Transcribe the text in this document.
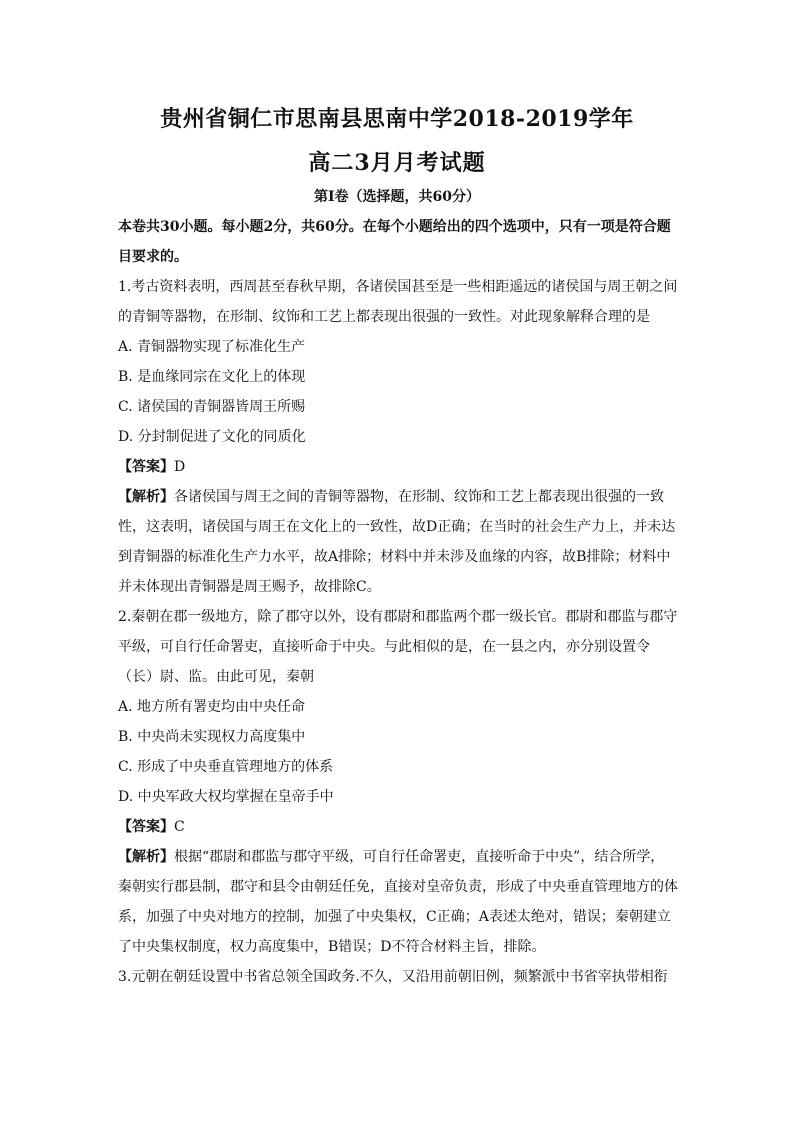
贵州省铜仁市思南县思南中学2018-2019学年
高二3月月考试题
第Ⅰ卷（选择题，共60分）

本卷共30小题。每小题2分，共60分。在每个小题给出的四个选项中，只有一项是符合题目要求的。

1.考古资料表明，西周甚至春秋早期，各诸侯国甚至是一些相距遥远的诸侯国与周王朝之间的青铜等器物，在形制、纹饰和工艺上都表现出很强的一致性。对此现象解释合理的是

A. 青铜器物实现了标准化生产

B. 是血缘同宗在文化上的体现

C. 诸侯国的青铜器皆周王所赐

D. 分封制促进了文化的同质化

【答案】D

【解析】各诸侯国与周王之间的青铜等器物，在形制、纹饰和工艺上都表现出很强的一致性，这表明，诸侯国与周王在文化上的一致性，故D正确；在当时的社会生产力上，并未达到青铜器的标准化生产力水平，故A排除；材料中并未涉及血缘的内容，故B排除；材料中并未体现出青铜器是周王赐予，故排除C。

2.秦朝在郡一级地方，除了郡守以外，设有郡尉和郡监两个郡一级长官。郡尉和郡监与郡守平级，可自行任命署吏，直接听命于中央。与此相似的是，在一县之内，亦分别设置令（长）尉、监。由此可见，秦朝

A. 地方所有署吏均由中央任命

B. 中央尚未实现权力高度集中

C. 形成了中央垂直管理地方的体系

D. 中央军政大权均掌握在皇帝手中

【答案】C

【解析】根据“郡尉和郡监与郡守平级，可自行任命署吏，直接听命于中央”，结合所学，秦朝实行郡县制，郡守和县令由朝廷任免，直接对皇帝负责，形成了中央垂直管理地方的体系，加强了中央对地方的控制，加强了中央集权，C正确；A表述太绝对，错误；秦朝建立了中央集权制度，权力高度集中，B错误；D不符合材料主旨，排除。

3.元朝在朝廷设置中书省总领全国政务.不久，又沿用前朝旧例，频繁派中书省宰执带相衔
